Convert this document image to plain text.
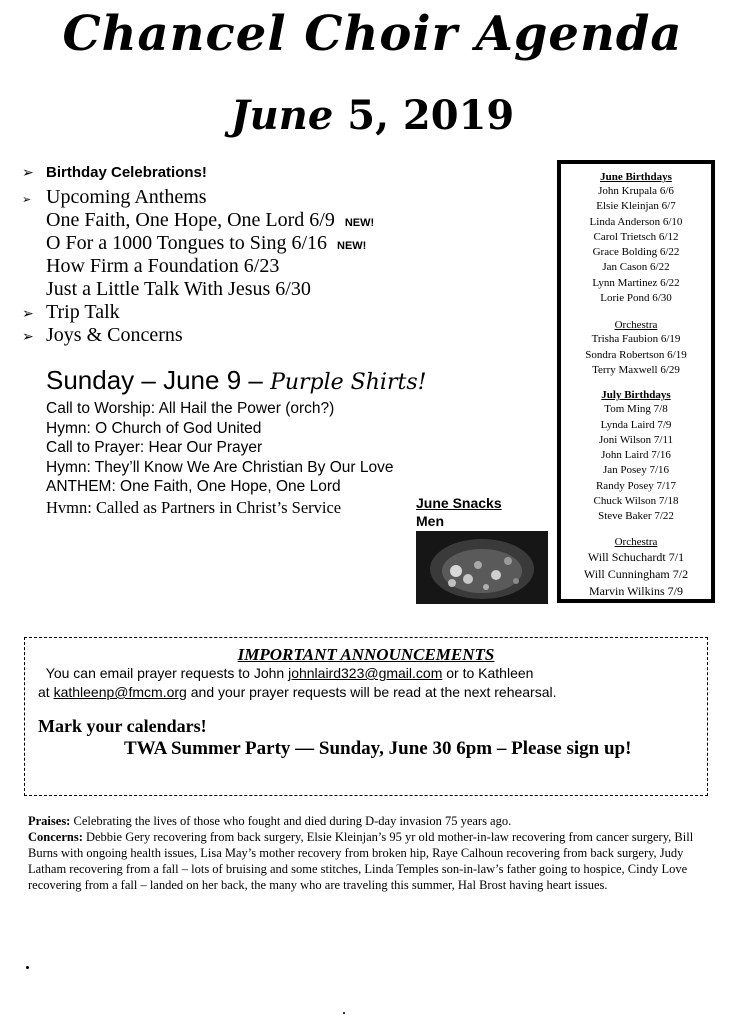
Chancel Choir Agenda
June 5, 2019
➢ Birthday Celebrations!
➢ Upcoming Anthems
One Faith, One Hope, One Lord 6/9 NEW!
O For a 1000 Tongues to Sing 6/16 NEW!
How Firm a Foundation 6/23
Just a Little Talk With Jesus 6/30
➢ Trip Talk
➢ Joys & Concerns
Sunday – June 9 – Purple Shirts!
Call to Worship: All Hail the Power (orch?)
Hymn: O Church of God United
Call to Prayer: Hear Our Prayer
Hymn: They’ll Know We Are Christian By Our Love
ANTHEM: One Faith, One Hope, One Lord
Hvmn: Called as Partners in Christ’s Service	June Snacks
Men
June Birthdays
John Krupala 6/6
Elsie Kleinjan 6/7
Linda Anderson 6/10
Carol Trietsch 6/12
Grace Bolding 6/22
Jan Cason 6/22
Lynn Martinez 6/22
Lorie Pond 6/30
Orchestra
Trisha Faubion 6/19
Sondra Robertson 6/19
Terry Maxwell 6/29
July Birthdays
Tom Ming 7/8
Lynda Laird 7/9
Joni Wilson 7/11
John Laird 7/16
Jan Posey 7/16
Randy Posey 7/17
Chuck Wilson 7/18
Steve Baker 7/22
Orchestra
Will Schuchardt 7/1
Will Cunningham 7/2
Marvin Wilkins 7/9
IMPORTANT ANNOUNCEMENTS
You can email prayer requests to John johnlaird323@gmail.com or to Kathleen
at kathleenp@fmcm.org and your prayer requests will be read at the next rehearsal.
Mark your calendars!
TWA Summer Party — Sunday, June 30 6pm – Please sign up!
Praises: Celebrating the lives of those who fought and died during D-day invasion 75 years ago.
Concerns: Debbie Gery recovering from back surgery, Elsie Kleinjan’s 95 yr old mother-in-law recovering from cancer surgery, Bill Burns with ongoing health issues, Lisa May’s mother recovery from broken hip, Raye Calhoun recovering from back surgery, Judy Latham recovering from a fall – lots of bruising and some stitches, Linda Temples son-in-law’s father going to hospice, Cindy Love recovering from a fall – landed on her back, the many who are traveling this summer, Hal Brost having heart issues.
